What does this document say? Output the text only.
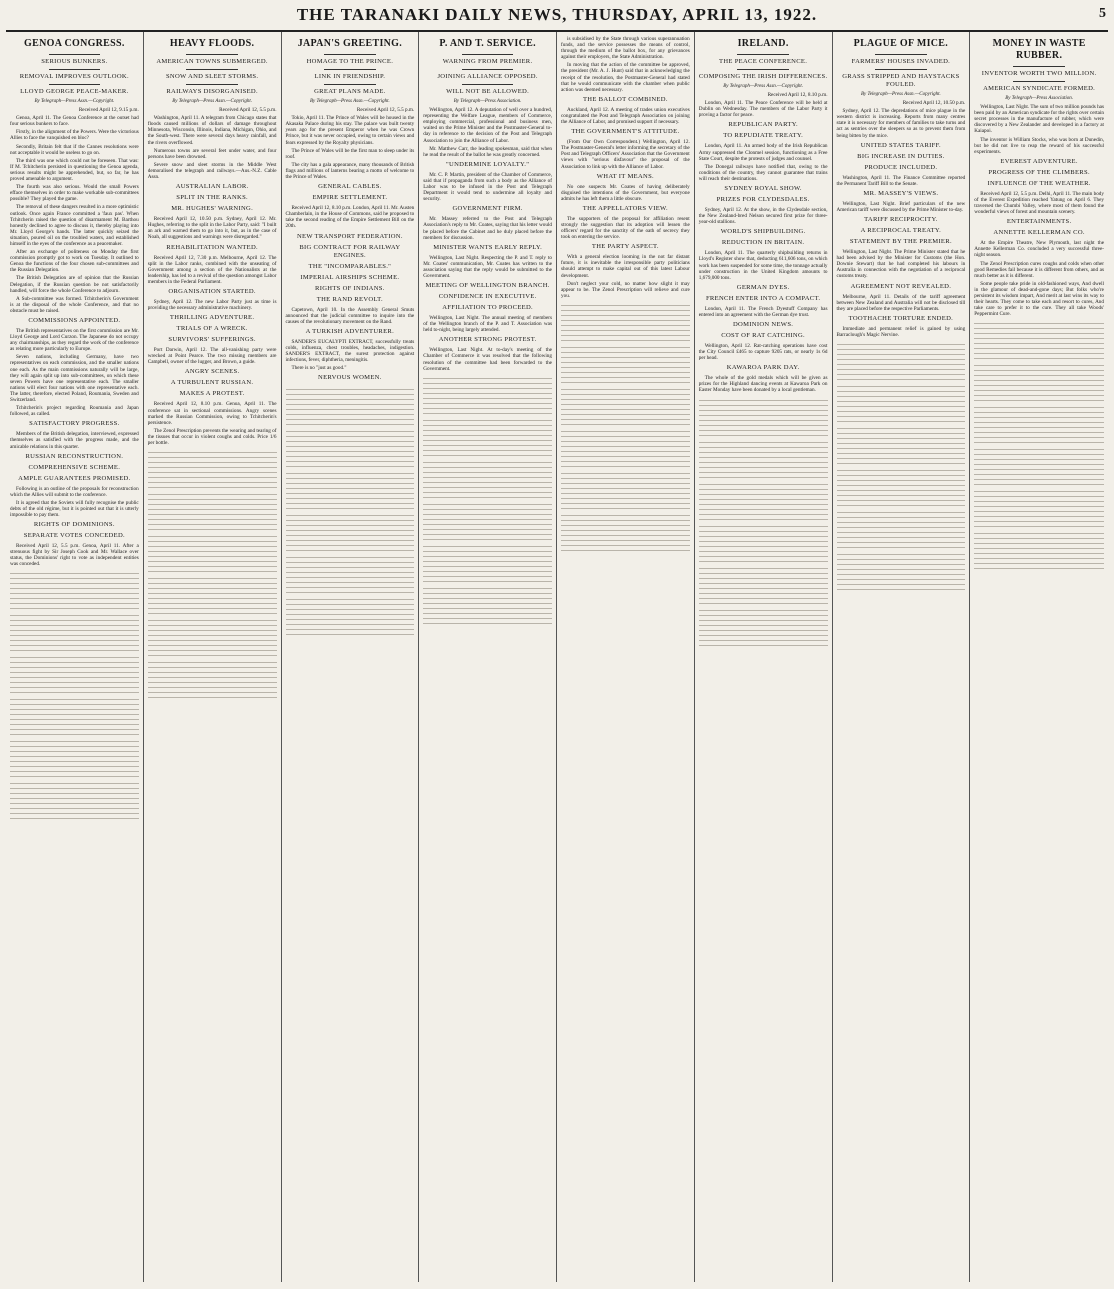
THE TARANAKI DAILY NEWS, THURSDAY, APRIL 13, 1922.	5
GENOA CONGRESS.
SERIOUS BUNKERS.
REMOVAL IMPROVES OUTLOOK.
LLOYD GEORGE PEACE-MAKER.
By Telegraph—Press Assn.—Copyright.
Received April 12, 9.15 p.m.

Genoa, April 11. The Genoa Conference at the outset had four serious bunkers to face.

Firstly, in the alignment of the Powers. Were the victorious Allies to face the vanquished en bloc?

Secondly, Britain felt that if the Cannes resolutions were not acceptable it would be useless to go on.

The third was one which could not be foreseen. That was: If M. Tchitcherin persisted in questioning the Genoa agenda, serious results might be apprehended, but, so far, he has proved amenable to argument.

The fourth was also serious. Would the small Powers efface themselves in order to make workable sub-committees possible? They played the game.

The removal of these dangers resulted in a more optimistic outlook. Once again France committed a 'faux pas'. When Tchitcherin raised the question of disarmament M. Barthou honestly declined to agree to discuss it, thereby playing into Mr. Lloyd George's hands. The latter quickly seized the situation, poured oil on the troubled waters, and established himself in the eyes of the conference as a peacemaker.

After an exchange of politeness on Monday the first commission promptly got to work on Tuesday. It outlined to Genoa the functions of the four chosen sub-committees and the Russian Delegation.

The British Delegation are of opinion that the Russian Delegation, if the Russian question be not satisfactorily handled, will force the whole Conference to adjourn.

A Sub-committee was formed. Tchitcherin's Government is at the disposal of the whole Conference, and that no obstacle must be raised.

COMMISSIONS APPOINTED.

The British representatives on the first commission are Mr. Lloyd George and Lord Curzon. The Japanese do not occupy any chairmanships, as they regard the work of the conference as relating more particularly to Europe.

Seven nations, including Germany, have two representatives on each commission, and the smaller nations one each. As the main commissions naturally will be large, they will again split up into sub-committees, on which these seven Powers have one representative each. The smaller nations will elect four nations with one representative each. The latter, therefore, elected Poland, Roumania, Sweden and Switzerland.

Tchitcherin's project regarding Roumania and Japan followed, as called.

SATISFACTORY PROGRESS.

Members of the British delegation, interviewed, expressed themselves as satisfied with the progress made, and the amicable relations in this quarter.

RUSSIAN RECONSTRUCTION.

COMPREHENSIVE SCHEME.

AMPLE GUARANTEES PROMISED.

Following is an outline of the proposals for reconstruction which the Allies will submit to the conference.

It is agreed that the Soviets will fully recognise the public debts of the old régime, but it is pointed out that it is utterly impossible to pay them.

RIGHTS OF DOMINIONS.

SEPARATE VOTES CONCEDED.

Received April 12, 5.5 p.m. Genoa, April 11. After a strenuous fight by Sir Joseph Cook and Mr. Wallace over status, the Dominions' right to vote as independent entities was conceded.

HEAVY FLOODS.
AMERICAN TOWNS SUBMERGED.
SNOW AND SLEET STORMS.
RAILWAYS DISORGANISED.
By Telegraph—Press Assn.—Copyright.
Received April 12, 5.5 p.m.

Washington, April 11. A telegram from Chicago states that floods caused millions of dollars of damage throughout Minnesota, Wisconsin, Illinois, Indiana, Michigan, Ohio, and the South-west. There were several days heavy rainfall, and the rivers overflowed.

Numerous towns are several feet under water, and four persons have been drowned.

Severe snow and sleet storms in the Middle West demoralised the telegraph and railways.—Aus.-N.Z. Cable Assn.

AUSTRALIAN LABOR.

SPLIT IN THE RANKS.

MR. HUGHES' WARNING.

Received April 12, 10.50 p.m. Sydney, April 12. Mr. Hughes, referring to the split in the Labor Party, said: "I built an ark and warned them to go into it, but, as in the case of Noah, all suggestions and warnings were disregarded."

REHABILITATION WANTED.

Received April 12, 7.30 p.m. Melbourne, April 12. The split in the Labor ranks, combined with the unseating of Government among a section of the Nationalists at the leadership, has led to a revival of the question amongst Labor members in the Federal Parliament.

ORGANISATION STARTED.

Sydney, April 12. The new Labor Party just as time is providing the necessary administrative machinery.

THRILLING ADVENTURE.

TRIALS OF A WRECK.

SURVIVORS' SUFFERINGS.

Port Darwin, April 12. The all-vanishing party were wrecked at Point Pearce. The two missing members are Campbell, owner of the lugger, and Brown, a guide.

ANGRY SCENES.

A TURBULENT RUSSIAN.

MAKES A PROTEST.

Received April 12, 8.10 p.m. Genoa, April 11. The conference sat in sectional commissions. Angry scenes marked the Russian Commission, owing to Tchitcherin's persistence.

The Zenol Prescription prevents the wearing and tearing of the tissues that occur in violent coughs and colds. Price 1/6 per bottle.

JAPAN'S GREETING.
HOMAGE TO THE PRINCE.
LINK IN FRIENDSHIP.
GREAT PLANS MADE.
By Telegraph—Press Assn.—Copyright.
Received April 12, 5.5 p.m.

Tokio, April 11. The Prince of Wales will be housed in the Akasaka Palace during his stay. The palace was built twenty years ago for the present Emperor when he was Crown Prince, but it was never occupied, owing to certain views and fears expressed by the Royalty physicians.

The Prince of Wales will be the first man to sleep under its roof.

The city has a gala appearance, many thousands of British flags and millions of lanterns bearing a motto of welcome to the Prince of Wales.

GENERAL CABLES.

EMPIRE SETTLEMENT.

Received April 12, 8.10 p.m. London, April 11. Mr. Austen Chamberlain, in the House of Commons, said he proposed to take the second reading of the Empire Settlement Bill on the 20th.

NEW TRANSPORT FEDERATION.

BIG CONTRACT FOR RAILWAY ENGINES.

THE "INCOMPARABLES."

IMPERIAL AIRSHIPS SCHEME.

RIGHTS OF INDIANS.

THE RAND REVOLT.

Capetown, April 10. In the Assembly General Smuts announced that the judicial committee to inquire into the causes of the revolutionary movement on the Rand.

A TURKISH ADVENTURER.

SANDER'S EUCALYPTI EXTRACT, successfully treats colds, influenza, chest troubles, headaches, indigestion. SANDER'S EXTRACT, the surest protection against infections, fever, diphtheria, meningitis.

There is no "just as good."

NERVOUS WOMEN.

P. AND T. SERVICE.
WARNING FROM PREMIER.
JOINING ALLIANCE OPPOSED.
WILL NOT BE ALLOWED.
By Telegraph—Press Association.

Wellington, April 12. A deputation of well over a hundred, representing the Welfare League, members of Commerce, employing commercial, professional and business men, waited on the Prime Minister and the Postmaster-General to-day in reference to the decision of the Post and Telegraph Association to join the Alliance of Labor.

Mr. Matthew Carr, the leading spokesman, said that when he read the result of the ballot he was greatly concerned.

"UNDERMINE LOYALTY."

Mr. C. P. Martin, president of the Chamber of Commerce, said that if propaganda from such a body as the Alliance of Labor was to be infused in the Post and Telegraph Department it would tend to undermine all loyalty and security.

GOVERNMENT FIRM.

Mr. Massey referred to the Post and Telegraph Association's reply to Mr. Coates, saying that his letter would be placed before the Cabinet and he duly placed before the members for discussion.

MINISTER WANTS EARLY REPLY.

Wellington, Last Night. Respecting the P. and T. reply to Mr. Coates' communication, Mr. Coates has written to the association saying that the reply would be submitted to the Government.

MEETING OF WELLINGTON BRANCH.

CONFIDENCE IN EXECUTIVE.

AFFILIATION TO PROCEED.

Wellington, Last Night. The annual meeting of members of the Wellington branch of the P. and T. Association was held to-night, being largely attended.

ANOTHER STRONG PROTEST.

Wellington, Last Night. At to-day's meeting of the Chamber of Commerce it was resolved that the following resolution of the committee had been forwarded to the Government.

is subsidised by the State through various superannuation funds, and the service possesses the means of control, through the medium of the ballot box, for any grievances against their employers, the State Administration.

In moving that the action of the committee be approved, the president (Mr. A. J. Hunt) said that in acknowledging the receipt of the resolution, the Postmaster-General had stated that he would communicate with the chamber when public action was deemed necessary.

THE BALLOT COMBINED.

Auckland, April 12. A meeting of trades union executives congratulated the Post and Telegraph Association on joining the Alliance of Labor, and promised support if necessary.

THE GOVERNMENT'S ATTITUDE.

(From Our Own Correspondent.) Wellington, April 12. The Postmaster-General's letter informing the secretary of the Post and Telegraph Officers' Association that the Government views with "serious disfavour" the proposal of the Association to link up with the Alliance of Labor.

WHAT IT MEANS.

No one suspects Mr. Coates of having deliberately disguised the intentions of the Government, but everyone admits he has left them a little obscure.

THE APPELLATORS VIEW.

The supporters of the proposal for affiliation resent strongly the suggestion that its adoption will lessen the officers' regard for the sanctity of the oath of secrecy they took on entering the service.

THE PARTY ASPECT.

With a general election looming in the not far distant future, it is inevitable the irresponsible party politicians should attempt to make capital out of this latest Labour development.

Don't neglect your cold, no matter how slight it may appear to be. The Zenol Prescription will relieve and cure you.

IRELAND.
THE PEACE CONFERENCE.
COMPOSING THE IRISH DIFFERENCES.
By Telegraph—Press Assn.—Copyright.
Received April 12, 8.10 p.m.

London, April 11. The Peace Conference will be held at Dublin on Wednesday. The members of the Labor Party it proving a factor for peace.

REPUBLICAN PARTY.

TO REPUDIATE TREATY.

London, April 11. An armed body of the Irish Republican Army suppressed the Clonmel session, functioning as a Free State Court, despite the protests of judges and counsel.

The Donegal railways have notified that, owing to the conditions of the country, they cannot guarantee that trains will reach their destinations.

SYDNEY ROYAL SHOW.

PRIZES FOR CLYDESDALES.

Sydney, April 12. At the show, in the Clydesdale section, the New Zealand-bred Nelson secured first prize for three-year-old stallions.

WORLD'S SHIPBUILDING.

REDUCTION IN BRITAIN.

London, April 11. The quarterly shipbuilding returns in Lloyd's Register show that, deducting 611,606 tons, on which work has been suspended for some time, the tonnage actually under construction in the United Kingdom amounts to 1,679,000 tons.

GERMAN DYES.

FRENCH ENTER INTO A COMPACT.

London, April 11. The French Dyestuff Company has entered into an agreement with the German dye trust.

DOMINION NEWS.

COST OF RAT CATCHING.

Wellington, April 12. Rat-catching operations have cost the City Council £465 to capture 9205 rats, or nearly 1s 6d per head.

KAWAROA PARK DAY.

The whole of the gold medals which will be given as prizes for the Highland dancing events at Kawaroa Park on Easter Monday have been donated by a local gentleman.

PLAGUE OF MICE.
FARMERS' HOUSES INVADED.
GRASS STRIPPED AND HAYSTACKS FOULED.
By Telegraph—Press Assn.—Copyright.
Received April 12, 10.50 p.m.

Sydney, April 12. The depredations of mice plague in the western district is increasing. Reports from many centres state it is necessary for members of families to take turns and act as sentries over the sleepers so as to prevent them from being bitten by the mice.

UNITED STATES TARIFF.

BIG INCREASE IN DUTIES.

PRODUCE INCLUDED.

Washington, April 11. The Finance Committee reported the Permanent Tariff Bill to the Senate.

MR. MASSEY'S VIEWS.

Wellington, Last Night. Brief particulars of the new American tariff were discussed by the Prime Minister to-day.

TARIFF RECIPROCITY.

A RECIPROCAL TREATY.

STATEMENT BY THE PREMIER.

Wellington, Last Night. The Prime Minister stated that he had been advised by the Minister for Customs (the Hon. Downie Stewart) that he had completed his labours in Australia in connection with the negotiation of a reciprocal customs treaty.

AGREEMENT NOT REVEALED.

Melbourne, April 11. Details of the tariff agreement between New Zealand and Australia will not be disclosed till they are placed before the respective Parliaments.

TOOTHACHE TORTURE ENDED.

Immediate and permanent relief is gained by using Barraclough's Magic Nervine.

MONEY IN WASTE RUBBER.
INVENTOR WORTH TWO MILLION.
AMERICAN SYNDICATE FORMED.
By Telegraph—Press Association.

Wellington, Last Night. The sum of two million pounds has been paid by an American syndicate for the rights over certain secret processes in the manufacture of rubber, which were discovered by a New Zealander and developed in a factory at Kaiapoi.

The inventor is William Stocks, who was born at Dunedin, but he did not live to reap the reward of his successful experiments.

EVEREST ADVENTURE.

PROGRESS OF THE CLIMBERS.

INFLUENCE OF THE WEATHER.

Received April 12, 5.5 p.m. Delhi, April 11. The main body of the Everest Expedition reached Yatung on April 6. They traversed the Chumbi Valley, where most of them found the wonderful views of forest and mountain scenery.

ENTERTAINMENTS.

ANNETTE KELLERMAN CO.

At the Empire Theatre, New Plymouth, last night the Annette Kellerman Co. concluded a very successful three-night season.

The Zenol Prescription cures coughs and colds when other good Remedies fail because it is different from others, and as much better as it is different.

Some people take pride in old-fashioned ways, And dwell in the glamour of dead-and-gone days; But folks who're persistent its wisdom impart, And merit at last wins its way to their hearts. They come to take each and resort to cures, And take care to prefer it to the cure. They all take Woods' Peppermint Cure.
